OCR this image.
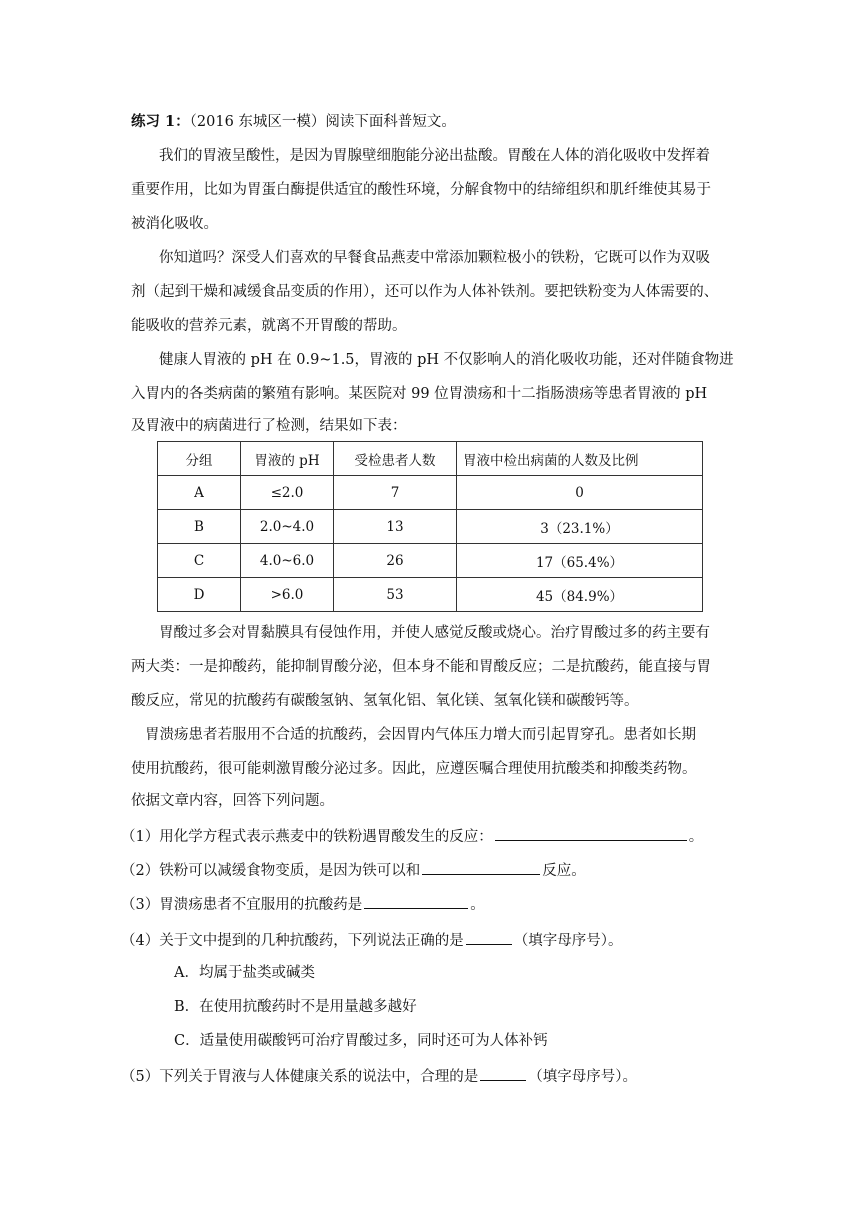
练习 1：（2016 东城区一模）阅读下面科普短文。
我们的胃液呈酸性，是因为胃腺壁细胞能分泌出盐酸。胃酸在人体的消化吸收中发挥着
重要作用，比如为胃蛋白酶提供适宜的酸性环境，分解食物中的结缔组织和肌纤维使其易于
被消化吸收。
你知道吗？深受人们喜欢的早餐食品燕麦中常添加颗粒极小的铁粉，它既可以作为双吸
剂（起到干燥和减缓食品变质的作用），还可以作为人体补铁剂。要把铁粉变为人体需要的、
能吸收的营养元素，就离不开胃酸的帮助。
健康人胃液的 pH 在 0.9~1.5，胃液的 pH 不仅影响人的消化吸收功能，还对伴随食物进
入胃内的各类病菌的繁殖有影响。某医院对 99 位胃溃疡和十二指肠溃疡等患者胃液的 pH
及胃液中的病菌进行了检测，结果如下表：
分组	胃液的 pH	受检患者人数	胃液中检出病菌的人数及比例
A	≤2.0	7	0
B	2.0~4.0	13	3（23.1%）
C	4.0~6.0	26	17（65.4%）
D	>6.0	53	45（84.9%）
胃酸过多会对胃黏膜具有侵蚀作用，并使人感觉反酸或烧心。治疗胃酸过多的药主要有
两大类：一是抑酸药，能抑制胃酸分泌，但本身不能和胃酸反应；二是抗酸药，能直接与胃
酸反应，常见的抗酸药有碳酸氢钠、氢氧化铝、氧化镁、氢氧化镁和碳酸钙等。
胃溃疡患者若服用不合适的抗酸药，会因胃内气体压力增大而引起胃穿孔。患者如长期
使用抗酸药，很可能刺激胃酸分泌过多。因此，应遵医嘱合理使用抗酸类和抑酸类药物。
依据文章内容，回答下列问题。
（1）用化学方程式表示燕麦中的铁粉遇胃酸发生的反应：	。
（2）铁粉可以减缓食物变质，是因为铁可以和	反应。
（3）胃溃疡患者不宜服用的抗酸药是	。
（4）关于文中提到的几种抗酸药，下列说法正确的是	（填字母序号）。
A．均属于盐类或碱类
B．在使用抗酸药时不是用量越多越好
C．适量使用碳酸钙可治疗胃酸过多，同时还可为人体补钙
（5）下列关于胃液与人体健康关系的说法中，合理的是	（填字母序号）。
